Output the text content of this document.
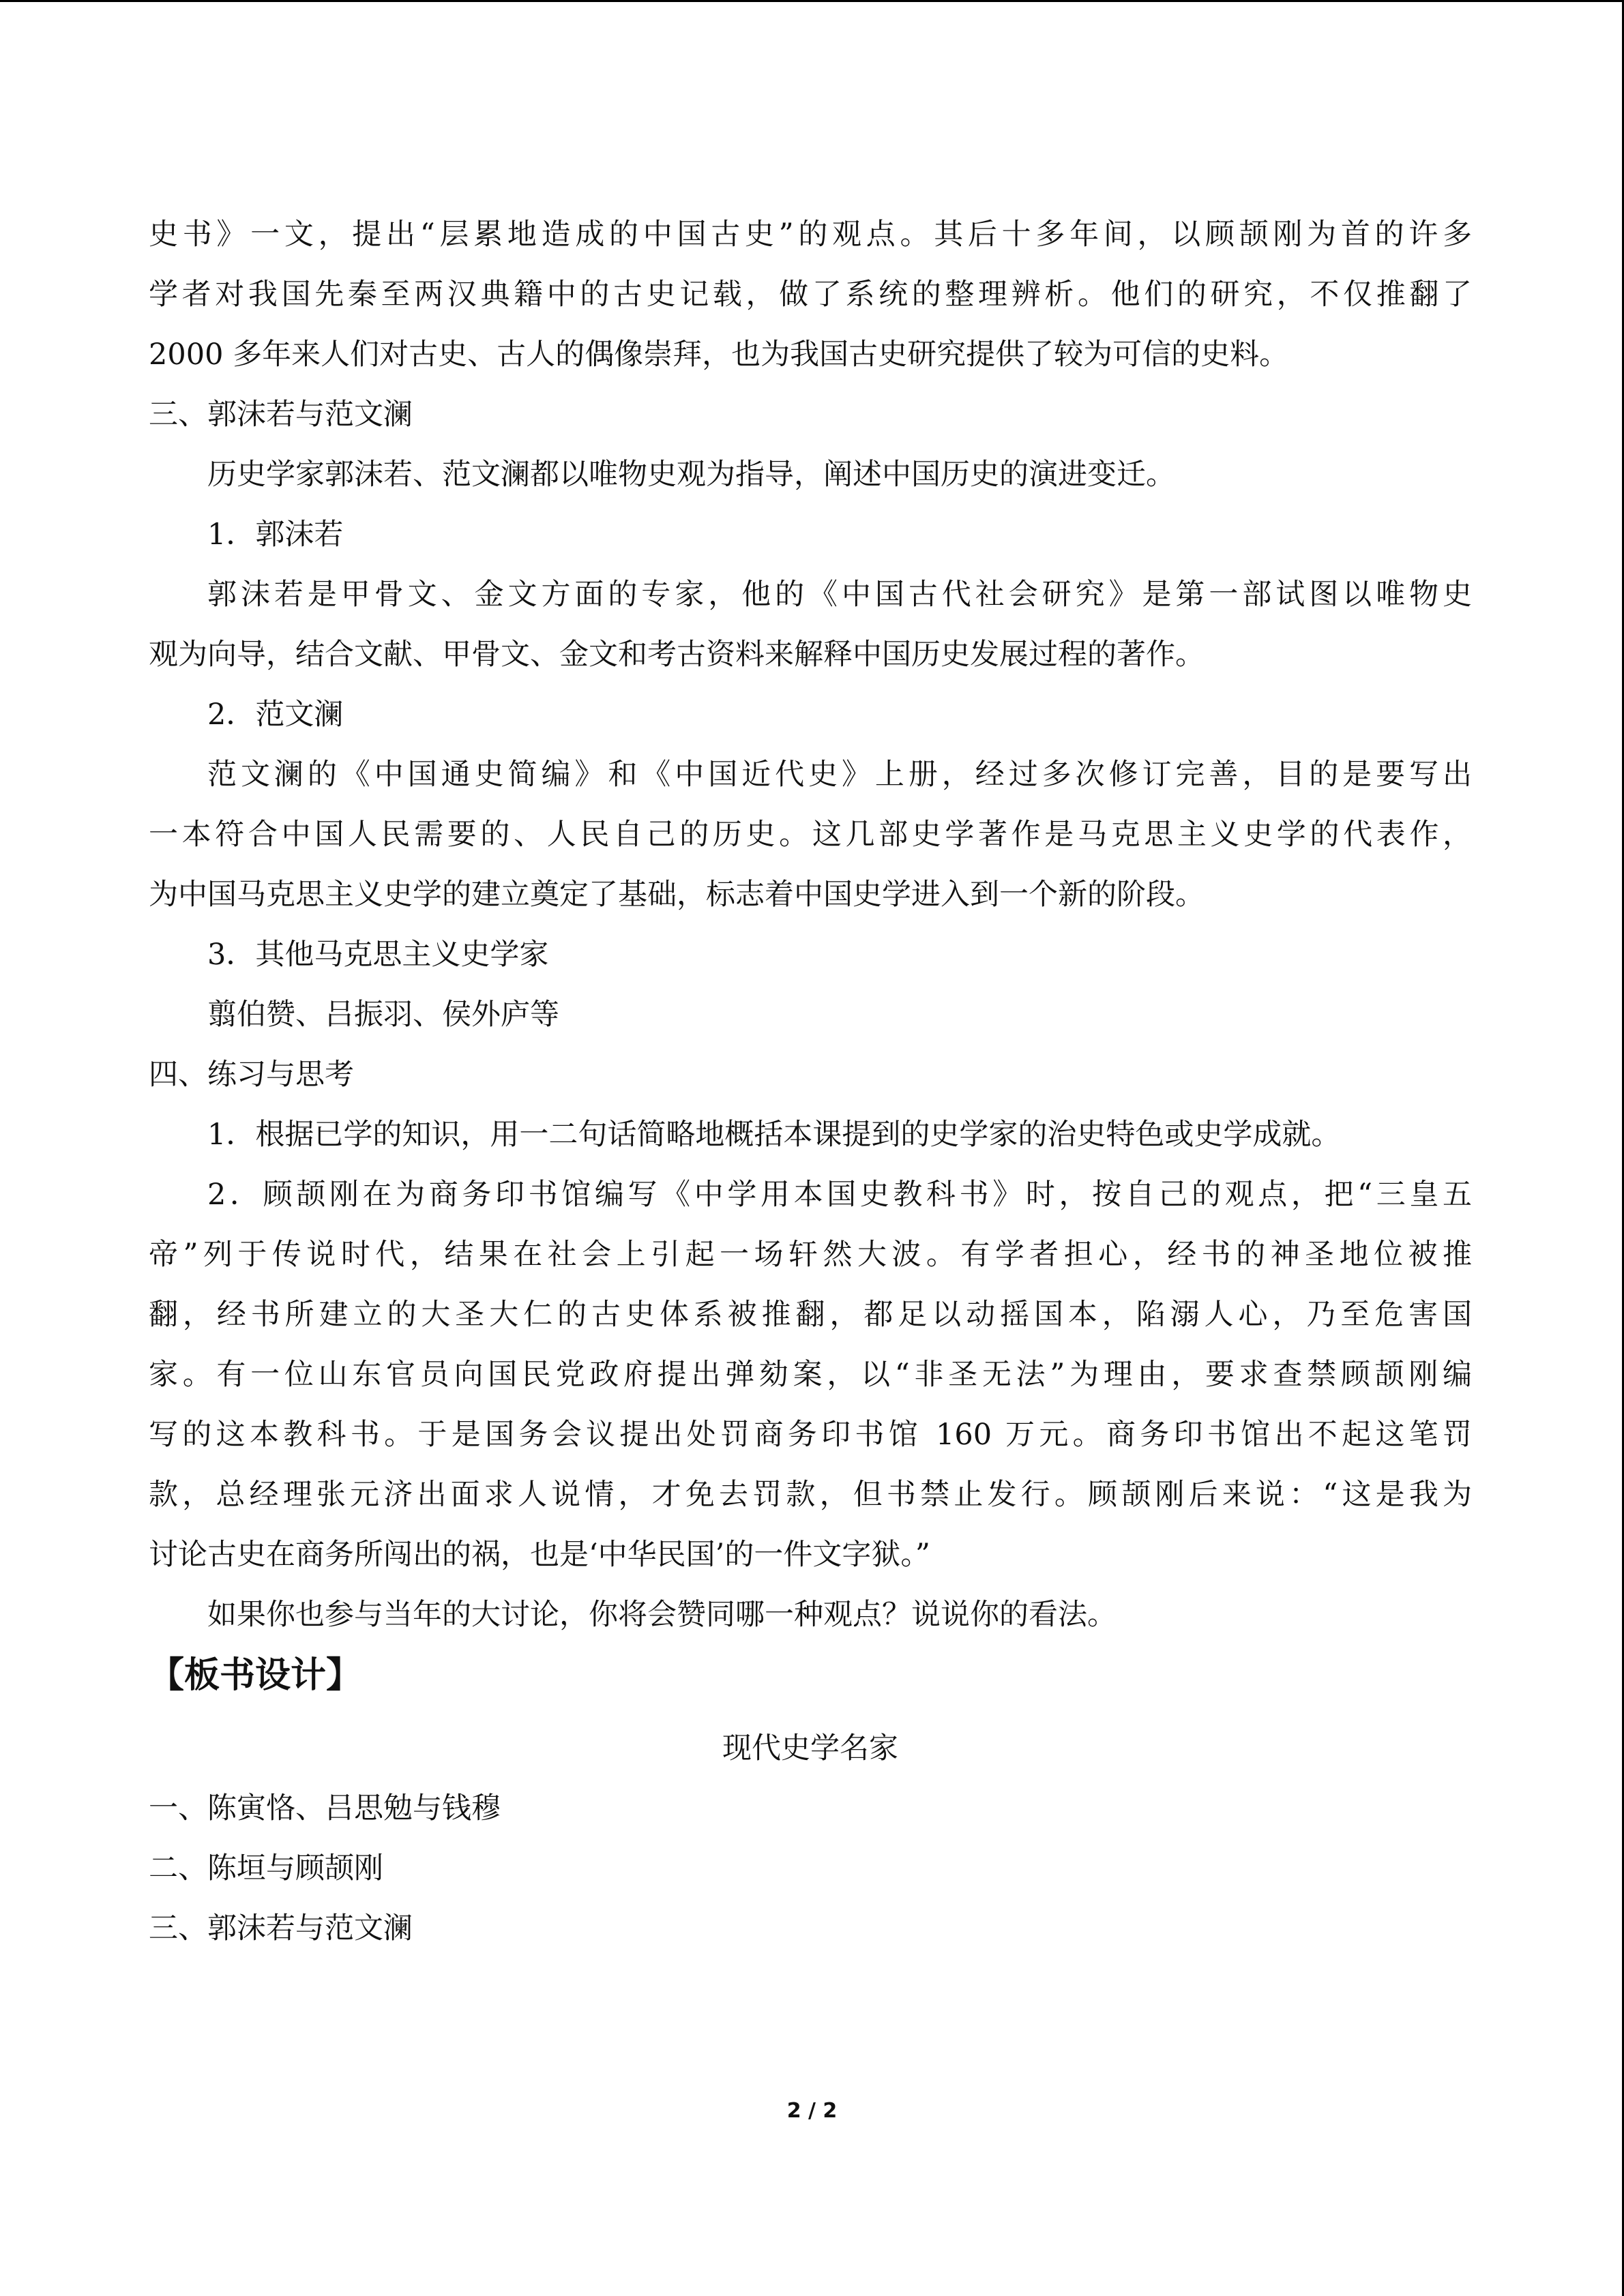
史书》一文，提出“层累地造成的中国古史”的观点。其后十多年间，以顾颉刚为首的许多
学者对我国先秦至两汉典籍中的古史记载，做了系统的整理辨析。他们的研究，不仅推翻了
2000 多年来人们对古史、古人的偶像崇拜，也为我国古史研究提供了较为可信的史料。
三、郭沫若与范文澜
历史学家郭沫若、范文澜都以唯物史观为指导，阐述中国历史的演进变迁。
1．郭沫若
郭沫若是甲骨文、金文方面的专家，他的《中国古代社会研究》是第一部试图以唯物史
观为向导，结合文献、甲骨文、金文和考古资料来解释中国历史发展过程的著作。
2．范文澜
范文澜的《中国通史简编》和《中国近代史》上册，经过多次修订完善，目的是要写出
一本符合中国人民需要的、人民自己的历史。这几部史学著作是马克思主义史学的代表作，
为中国马克思主义史学的建立奠定了基础，标志着中国史学进入到一个新的阶段。
3．其他马克思主义史学家
翦伯赞、吕振羽、侯外庐等
四、练习与思考
1．根据已学的知识，用一二句话简略地概括本课提到的史学家的治史特色或史学成就。
2．顾颉刚在为商务印书馆编写《中学用本国史教科书》时，按自己的观点，把“三皇五
帝”列于传说时代，结果在社会上引起一场轩然大波。有学者担心，经书的神圣地位被推
翻，经书所建立的大圣大仁的古史体系被推翻，都足以动摇国本，陷溺人心，乃至危害国
家。有一位山东官员向国民党政府提出弹劾案，以“非圣无法”为理由，要求查禁顾颉刚编
写的这本教科书。于是国务会议提出处罚商务印书馆 160 万元。商务印书馆出不起这笔罚
款，总经理张元济出面求人说情，才免去罚款，但书禁止发行。顾颉刚后来说：“这是我为
讨论古史在商务所闯出的祸，也是‘中华民国’的一件文字狱。”
如果你也参与当年的大讨论，你将会赞同哪一种观点？说说你的看法。
【板书设计】
现代史学名家
一、陈寅恪、吕思勉与钱穆
二、陈垣与顾颉刚
三、郭沫若与范文澜
2 / 2
